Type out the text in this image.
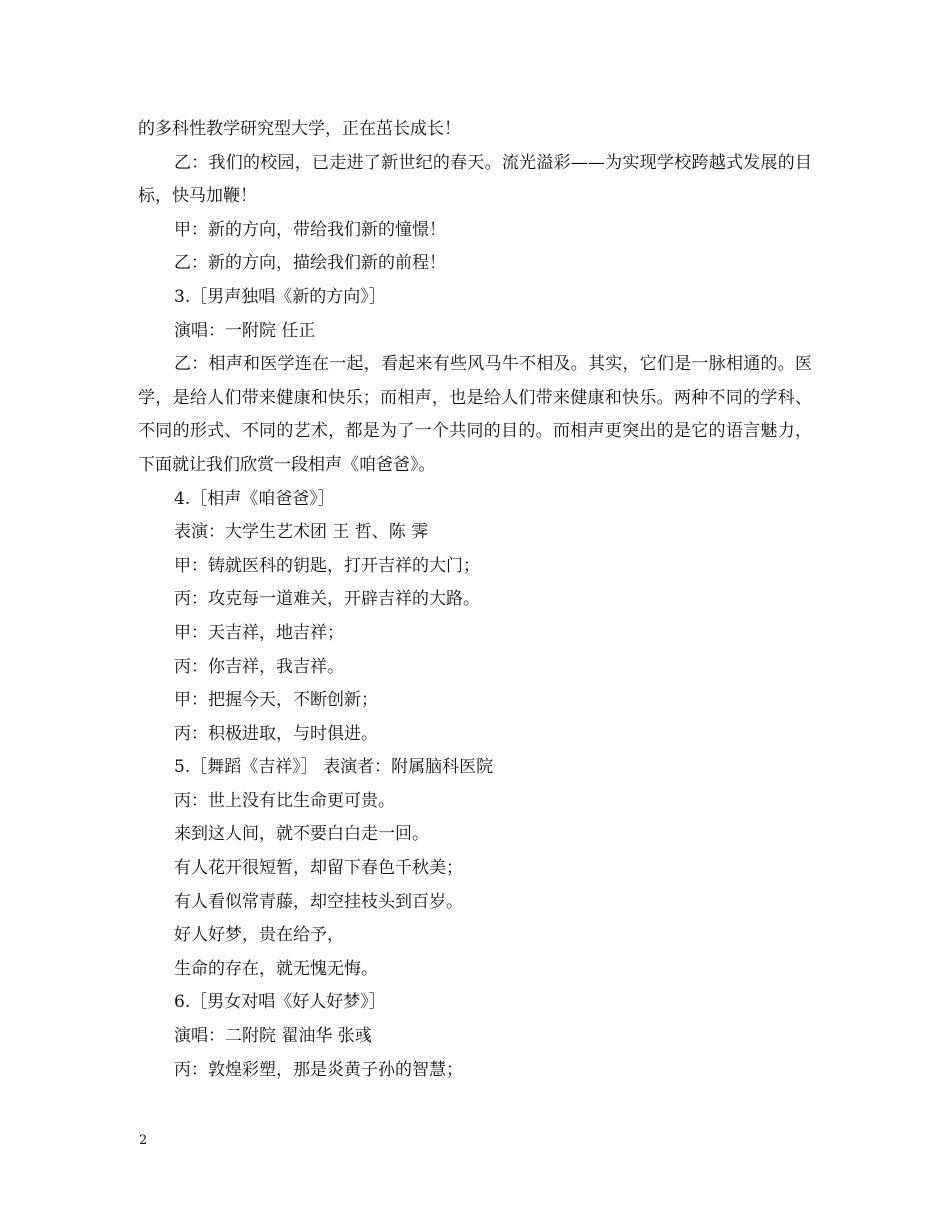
的多科性教学研究型大学，正在茁长成长！

乙：我们的校园，已走进了新世纪的春天。流光溢彩——为实现学校跨越式发展的目标，快马加鞭！

甲：新的方向，带给我们新的憧憬！

乙：新的方向，描绘我们新的前程！

3.［男声独唱《新的方向》］

演唱：一附院 任正

乙：相声和医学连在一起，看起来有些风马牛不相及。其实，它们是一脉相通的。医学，是给人们带来健康和快乐；而相声，也是给人们带来健康和快乐。两种不同的学科、不同的形式、不同的艺术，都是为了一个共同的目的。而相声更突出的是它的语言魅力，下面就让我们欣赏一段相声《咱爸爸》。

4.［相声《咱爸爸》］

表演：大学生艺术团 王 哲、陈 霁

甲：铸就医科的钥匙，打开吉祥的大门；

丙：攻克每一道难关，开辟吉祥的大路。

甲：天吉祥，地吉祥；

丙：你吉祥，我吉祥。

甲：把握今天，不断创新；

丙：积极进取，与时俱进。

5.［舞蹈《吉祥》］ 表演者：附属脑科医院

丙：世上没有比生命更可贵。

来到这人间，就不要白白走一回。

有人花开很短暂，却留下春色千秋美；

有人看似常青藤，却空挂枝头到百岁。

好人好梦，贵在给予，

生命的存在，就无愧无悔。

6.［男女对唱《好人好梦》］

演唱：二附院 翟油华 张彧

丙：敦煌彩塑，那是炎黄子孙的智慧；

2
